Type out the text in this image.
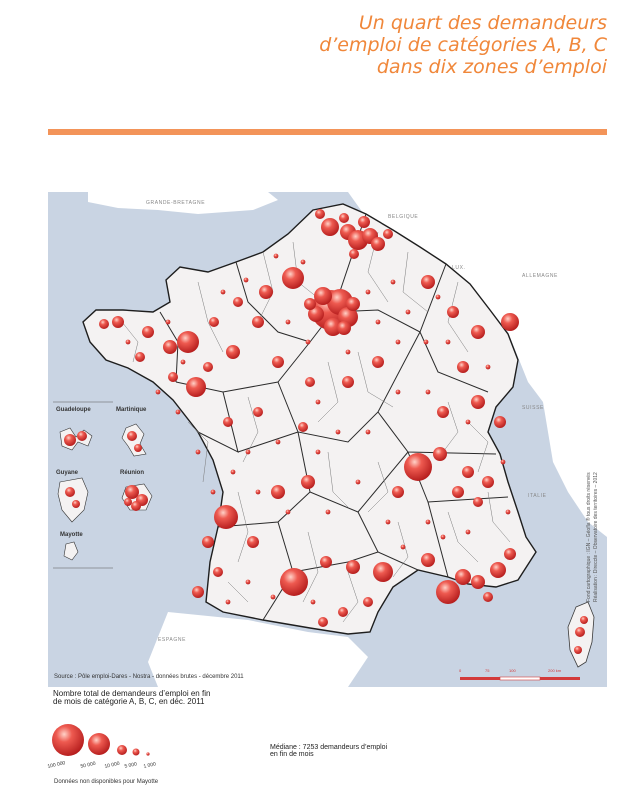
Un quart des demandeurs
d’emploi de catégories A, B, C
dans dix zones d’emploi
GRANDE-BRETAGNE
BELGIQUE
LUX.
ALLEMAGNE
SUISSE
ITALIE
ESPAGNE
Guadeloupe	Martinique
Guyane	Réunion
Mayotte	Fond cartographique : IGN – Géofla ® tous droits réservés Réalisation : Direccte – Observatoire des territoires – 2012
0	75	100	200 km
Source : Pôle emploi-Dares - Nostra - données brutes - décembre 2011
Nombre total de demandeurs d’emploi en fin
de mois de catégorie A, B, C, en déc. 2011
100 000	50 000 10 000 5 000 1 000
Données non disponibles pour Mayotte
Médiane : 7253 demandeurs d’emploi
en fin de mois
